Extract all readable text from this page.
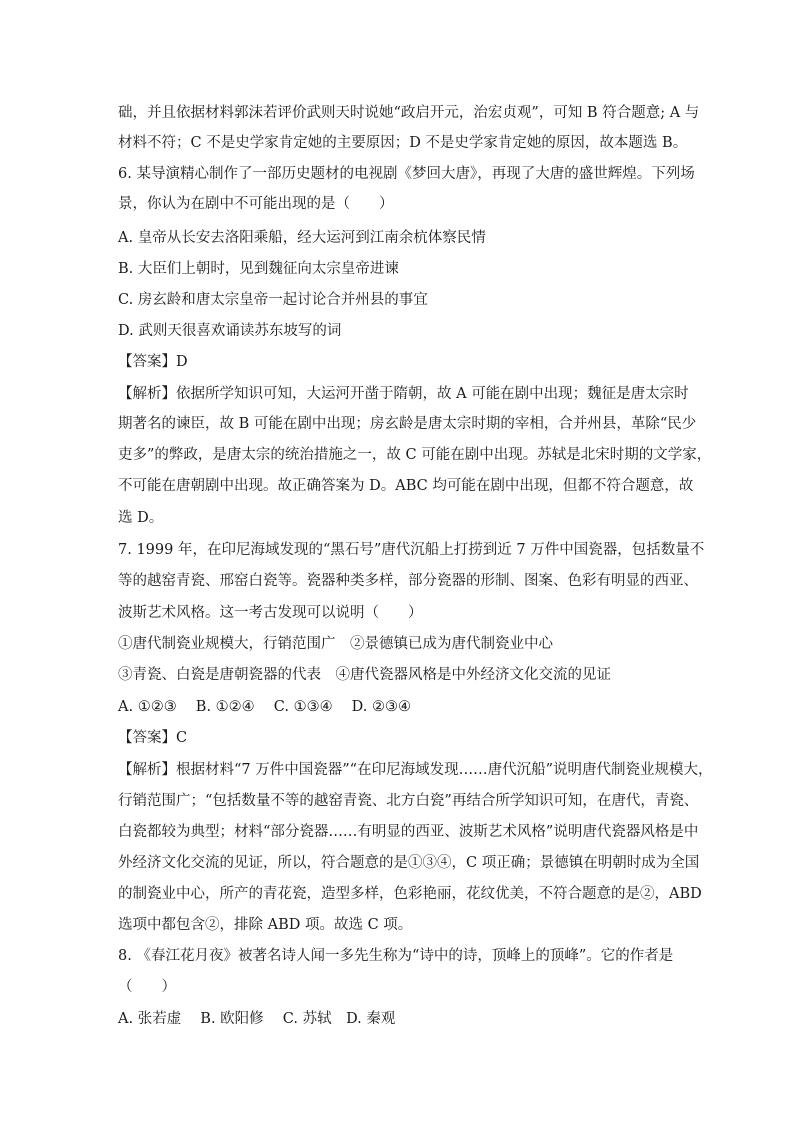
础，并且依据材料郭沫若评价武则天时说她“政启开元，治宏贞观”，可知 B 符合题意; A 与
材料不符；C 不是史学家肯定她的主要原因；D 不是史学家肯定她的原因，故本题选 B。
6. 某导演精心制作了一部历史题材的电视剧《梦回大唐》，再现了大唐的盛世辉煌。下列场
景，你认为在剧中不可能出现的是（　　）
A. 皇帝从长安去洛阳乘船，经大运河到江南余杭体察民情
B. 大臣们上朝时，见到魏征向太宗皇帝进谏
C. 房玄龄和唐太宗皇帝一起讨论合并州县的事宜
D. 武则天很喜欢诵读苏东坡写的词
【答案】D
【解析】依据所学知识可知，大运河开凿于隋朝，故 A 可能在剧中出现；魏征是唐太宗时
期著名的谏臣，故 B 可能在剧中出现；房玄龄是唐太宗时期的宰相，合并州县，革除“民少
吏多”的弊政，是唐太宗的统治措施之一，故 C 可能在剧中出现。苏轼是北宋时期的文学家，
不可能在唐朝剧中出现。故正确答案为 D。ABC 均可能在剧中出现，但都不符合题意，故
选 D。
7. 1999 年，在印尼海域发现的“黑石号”唐代沉船上打捞到近 7 万件中国瓷器，包括数量不
等的越窑青瓷、邢窑白瓷等。瓷器种类多样，部分瓷器的形制、图案、色彩有明显的西亚、
波斯艺术风格。这一考古发现可以说明（　　）
①唐代制瓷业规模大，行销范围广　②景德镇已成为唐代制瓷业中心
③青瓷、白瓷是唐朝瓷器的代表　④唐代瓷器风格是中外经济文化交流的见证
A. ①②③　 B. ①②④　 C. ①③④　 D. ②③④
【答案】C
【解析】根据材料“7 万件中国瓷器”“在印尼海域发现……唐代沉船”说明唐代制瓷业规模大，
行销范围广；“包括数量不等的越窑青瓷、北方白瓷”再结合所学知识可知，在唐代，青瓷、
白瓷都较为典型；材料“部分瓷器……有明显的西亚、波斯艺术风格”说明唐代瓷器风格是中
外经济文化交流的见证，所以，符合题意的是①③④，C 项正确；景德镇在明朝时成为全国
的制瓷业中心，所产的青花瓷，造型多样，色彩艳丽，花纹优美，不符合题意的是②，ABD
选项中都包含②，排除 ABD 项。故选 C 项。
8. 《春江花月夜》被著名诗人闻一多先生称为“诗中的诗，顶峰上的顶峰”。它的作者是
（　　）
A. 张若虚　 B. 欧阳修　 C. 苏轼　D. 秦观
